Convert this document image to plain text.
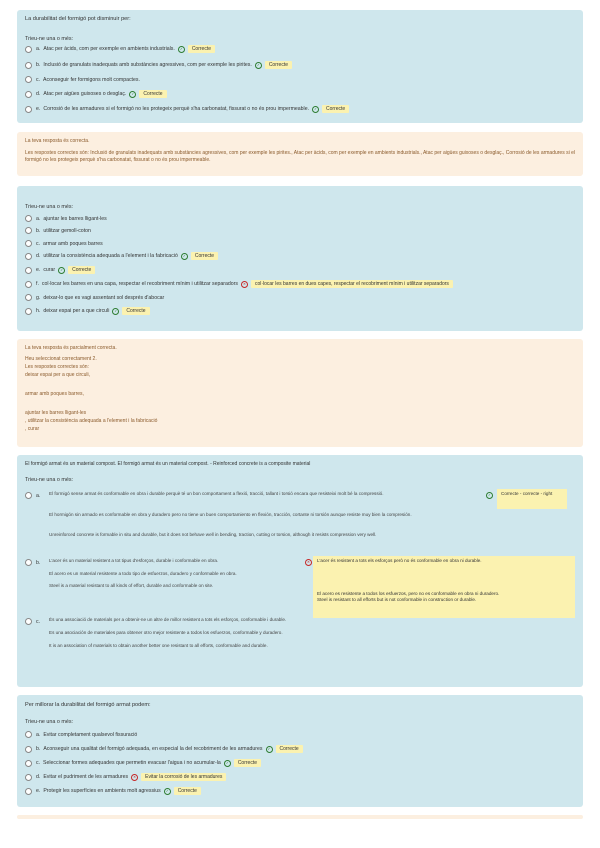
La durabilitat del formigó pot disminuir per:
Trieu-ne una o més:
a. Atac per àcids, com per exemple en ambients industrials.	✓	Correcte
b. Inclusió de granulats inadequats amb substàncies agressives, com per exemple les pirites.	✓	Correcte
c. Aconseguir fer formigons molt compactes.
d. Atac per aigües guixoses o desglaç.	✓	Correcte
e. Corrosió de les armadures si el formigó no les protegeix perquè s'ha carbonatat, fissurat o no és prou impermeable.	✓	Correcte
La teva resposta és correcta.
Les respostes correctes són: Inclusió de granulats inadequats amb substàncies agressives, com per exemple les pirites., Atac per àcids, com per exemple en ambients industrials., Atac per aigües guixoses o desglaç., Corrosió de les armadures si el formigó no les protegeix perquè s'ha carbonatat, fissurat o no és prou impermeable.
Trieu-ne una o més:
a. ajuntar les barres lligant-les
b. utilitzar gemoll-coton
c. armar amb poques barres
d. utilitzar la consistència adequada a l'element i la fabricació	✓	Correcte
e. curar	✓	Correcte
f. col·locar les barres en una capa, respectar el recobriment mínim i utilitzar separadors	✕	col·locar les barres en dues capes, respectar el recobriment mínim i utilitzar separadors
g. deixar-lo que es vagi assentant sol després d'abocar
h. deixar espai per a que circuli	✓	Correcte
La teva resposta és parcialment correcta.
Heu seleccionat correctament 2.
Les respostes correctes són:
deixar espai per a que circuli,
armar amb poques barres,
ajuntar les barres lligant-les
, utilitzar la consistència adequada a l'element i la fabricació
, curar
El formigó armat és un material compost. El formigó armat és un material compost. - Reinforced concrete is a composite material
Trieu-ne una o més:
a. El formigó sense armat és conformable en obra i durable perquè té un bon comportament a flexió, tracció, tallant i torsió encara que resisteixi molt bé la compressió.
El hormigón sin armado es conformable en obra y duradero pero no tiene un buen comportamiento en flexión, tracción, cortante ni torsión aunque resiste muy bien la compresión.
Unreinforced concrete is formable in situ and durable, but it does not behave well in bending, traction, cutting or torsion, although it resists compression very well.
✓	Correcte - correcte - right
b. L'acer és un material resistent a tot tipus d'esforços, durable i conformable en obra.
El acero es un material resistente a todo tipo de esfuerzos, duradero y conformable en obra.
Steel is a material resistant to all kinds of effort, durable and conformable on site.
✕	L'acer és resistent a tots els esforços però no és conformable en obra ni durable.
El acero es resistente a todos los esfuerzos, pero no es conformable en obra ni duradero.
Steel is resistant to all efforts but is not conformable in construction or durable.
c. És una associació de materials per a obtenir-ne un altre de millor resistent a tots els esforços, conformable i durable.
Es una asociación de materiales para obtener otro mejor resistente a todos los esfuerzos, conformable y duradero.
It is an association of materials to obtain another better one resistant to all efforts, conformable and durable.
Per millorar la durabilitat del formigó armat podem:
Trieu-ne una o més:
a. Evitar completament qualsevol fissuració
b. Aconseguir una qualitat del formigó adequada, en especial la del recobriment de les armadures	✓	Correcte
c. Seleccionar formes adequades que permetin evacuar l'aigua i no acumular-la	✓	Correcte
d. Evitar el pudriment de les armadures	✕	Evitar la corrosió de les armadures
e. Protegir les superfícies en ambients molt agressius	✓	Correcte
